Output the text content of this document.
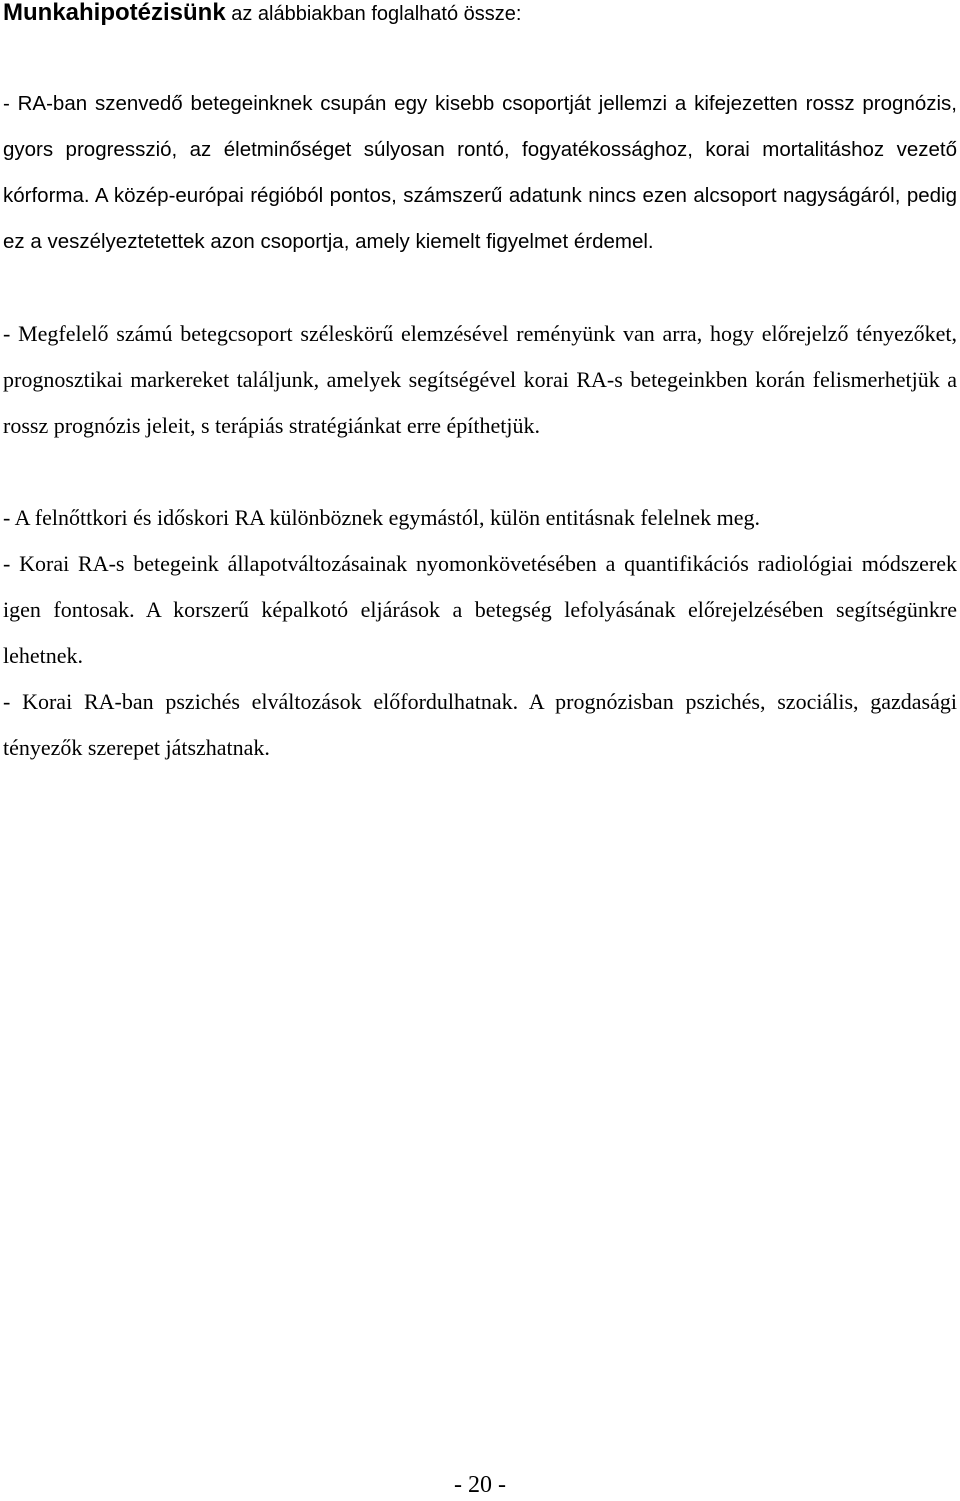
Munkahipotézisünk az alábbiakban foglalható össze:

- RA-ban szenvedő betegeinknek csupán egy kisebb csoportját jellemzi a kifejezetten rossz prognózis, gyors progresszió, az életminőséget súlyosan rontó, fogyatékossághoz, korai mortalitáshoz vezető kórforma. A közép-európai régióból pontos, számszerű adatunk nincs ezen alcsoport nagyságáról, pedig ez a veszélyeztetettek azon csoportja, amely kiemelt figyelmet érdemel.

- Megfelelő számú betegcsoport széleskörű elemzésével reményünk van arra, hogy előrejelző tényezőket, prognosztikai markereket találjunk, amelyek segítségével korai RA-s betegeinkben korán felismerhetjük a rossz prognózis jeleit, s terápiás stratégiánkat erre építhetjük.

- A felnőttkori és időskori RA különböznek egymástól, külön entitásnak felelnek meg.

- Korai RA-s betegeink állapotváltozásainak nyomonkövetésében a quantifikációs radiológiai módszerek igen fontosak. A korszerű képalkotó eljárások a betegség lefolyásának előrejelzésében segítségünkre lehetnek.

- Korai RA-ban pszichés elváltozások előfordulhatnak. A prognózisban pszichés, szociális, gazdasági tényezők szerepet játszhatnak.

- 20 -
